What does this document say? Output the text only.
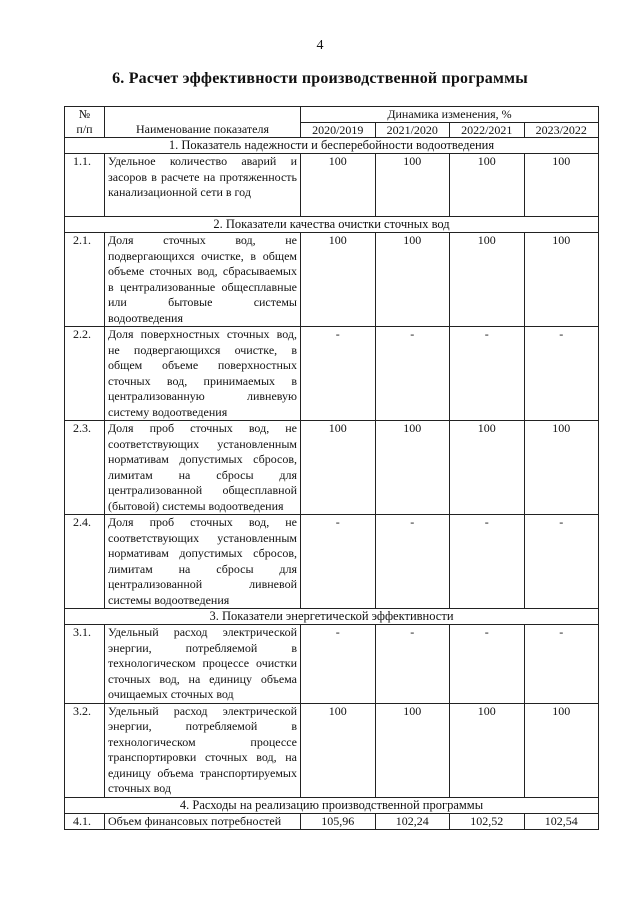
4
6. Расчет эффективности производственной программы
№
п/п	Наименование показателя	Динамика изменения, %			
		2020/2019	2021/2020	2022/2021	2023/2022
1. Показатель надежности и бесперебойности водоотведения					
1.1.	Удельное количество аварий и засоров в расчете на протяженность канализационной сети в год	100	100	100	100
2. Показатели качества очистки сточных вод					
2.1.	Доля сточных вод, не подвергающихся очистке, в общем объеме сточных вод, сбрасываемых в централизованные общесплавные или бытовые системы водоотведения	100	100	100	100
2.2.	Доля поверхностных сточных вод, не подвергающихся очистке, в общем объеме поверхностных сточных вод, принимаемых в централизованную ливневую систему водоотведения	-	-	-	-
2.3.	Доля проб сточных вод, не соответствующих установленным нормативам допустимых сбросов, лимитам на сбросы для централизованной общесплавной (бытовой) системы водоотведения	100	100	100	100
2.4.	Доля проб сточных вод, не соответствующих установленным нормативам допустимых сбросов, лимитам на сбросы для централизованной ливневой системы водоотведения	-	-	-	-
3. Показатели энергетической эффективности					
3.1.	Удельный расход электрической энергии, потребляемой в технологическом процессе очистки сточных вод, на единицу объема очищаемых сточных вод	-	-	-	-
3.2.	Удельный расход электрической энергии, потребляемой в технологическом процессе транспортировки сточных вод, на единицу объема транспортируемых сточных вод	100	100	100	100
4. Расходы на реализацию производственной программы					
4.1.	Объем финансовых потребностей	105,96	102,24	102,52	102,54
